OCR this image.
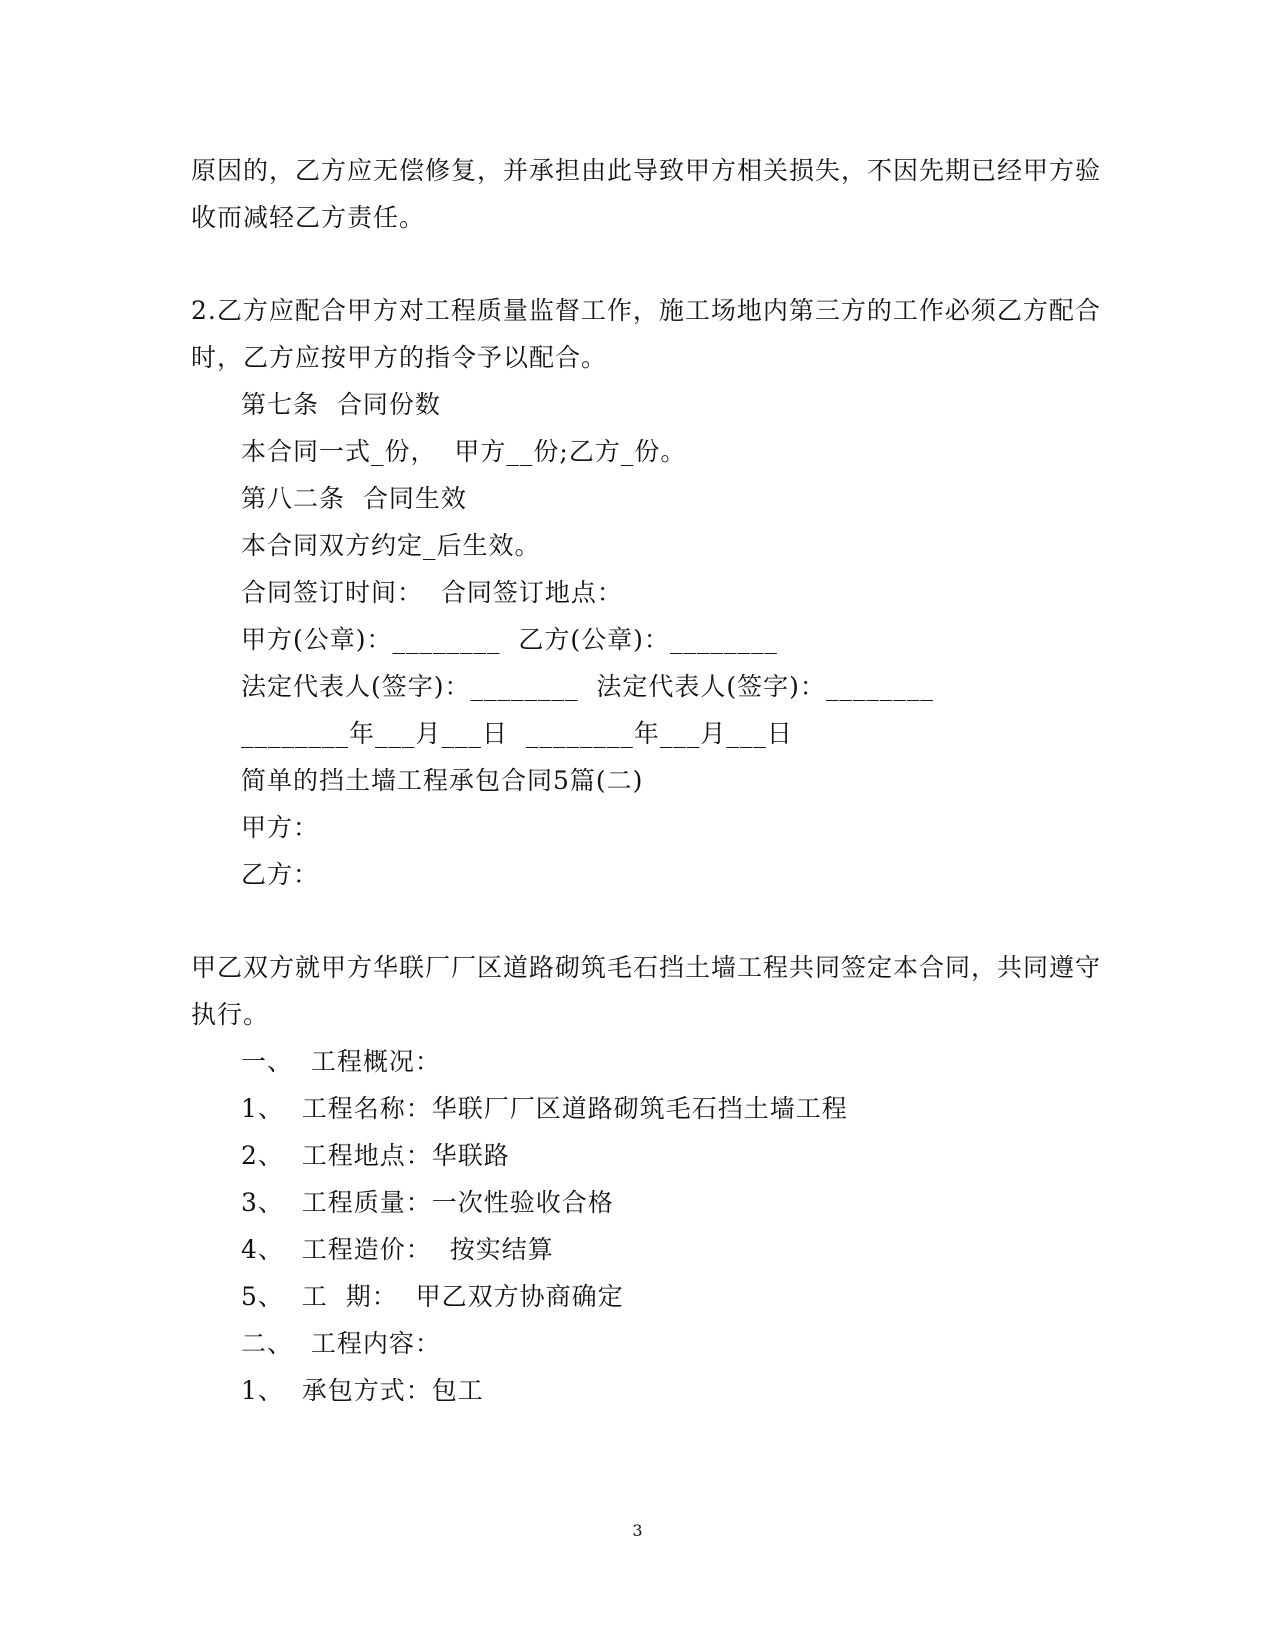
原因的，乙方应无偿修复，并承担由此导致甲方相关损失，不因先期已经甲方验
收而减轻乙方责任。
2.乙方应配合甲方对工程质量监督工作，施工场地内第三方的工作必须乙方配合
时，乙方应按甲方的指令予以配合。
第七条  合同份数
本合同一式_份，  甲方__份;乙方_份。
第八二条  合同生效
本合同双方约定_后生效。
合同签订时间：  合同签订地点：
甲方(公章)：________  乙方(公章)：________
法定代表人(签字)：________  法定代表人(签字)：________
________年___月___日  ________年___月___日
简单的挡土墙工程承包合同5篇(二)
甲方：
乙方：
甲乙双方就甲方华联厂厂区道路砌筑毛石挡土墙工程共同签定本合同，共同遵守
执行。
一、  工程概况：
1、  工程名称：华联厂厂区道路砌筑毛石挡土墙工程
2、  工程地点：华联路
3、  工程质量：一次性验收合格
4、  工程造价：  按实结算
5、  工  期：  甲乙双方协商确定
二、  工程内容：
1、  承包方式：包工
3
